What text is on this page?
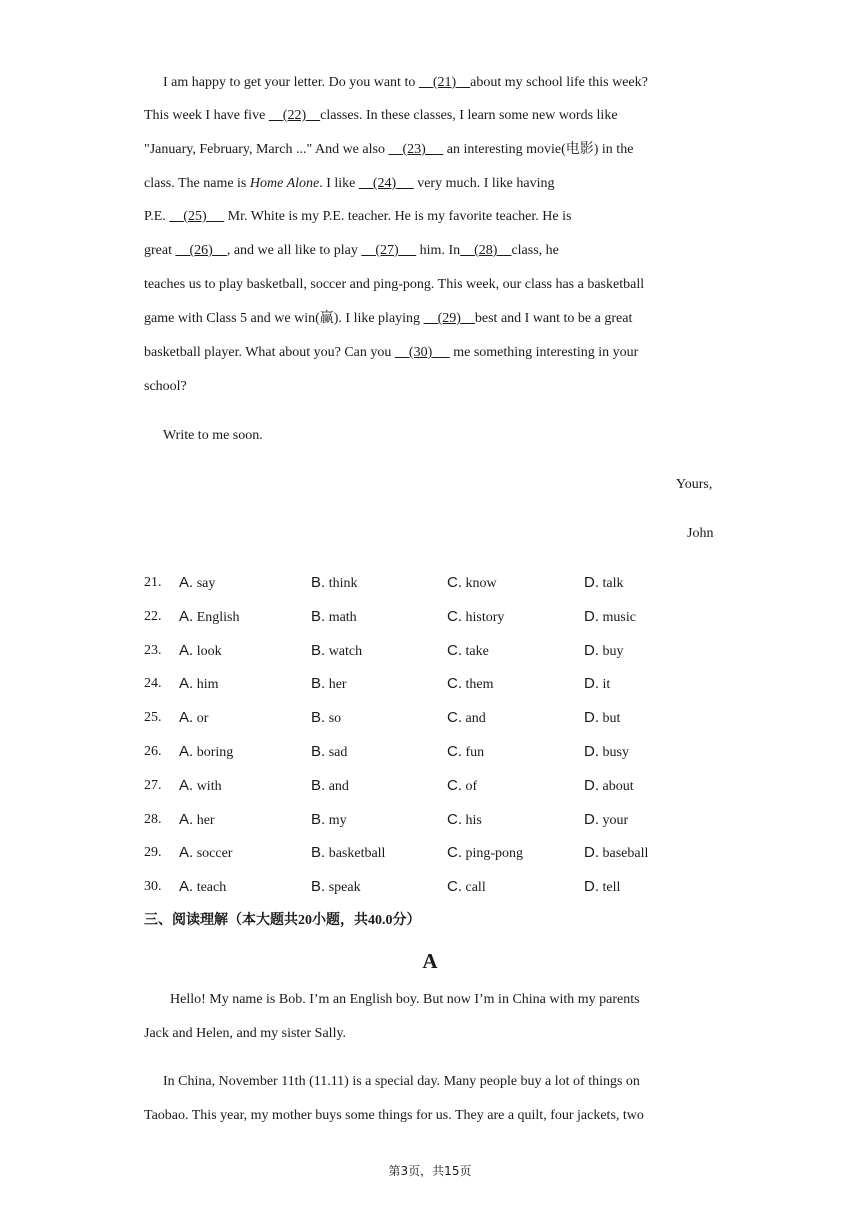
I am happy to get your letter. Do you want to     (21) about my school life this week?
This week I have five     (22) classes. In these classes, I learn some new words like
"January, February, March ..." And we also     (23)      an interesting movie(电影) in the
class. The name is Home Alone. I like     (24)      very much. I like having
P.E.     (25)      Mr. White is my P.E. teacher. He is my favorite teacher. He is
great     (26) , and we all like to play     (27)      him. In (28) class, he
teaches us to play basketball, soccer and ping-pong. This week, our class has a basketball
game with Class 5 and we win(赢). I like playing     (29) best and I want to be a great
basketball player. What about you? Can you     (30)      me something interesting in your
school?
Write to me soon.
Yours,
John
21. A. say	B. think	C. know	D. talk
22. A. English	B. math	C. history	D. music
23. A. look	B. watch	C. take	D. buy
24. A. him	B. her	C. them	D. it
25. A. or	B. so	C. and	D. but
26. A. boring	B. sad	C. fun	D. busy
27. A. with	B. and	C. of	D. about
28. A. her	B. my	C. his	D. your
29. A. soccer	B. basketball	C. ping-pong	D. baseball
30. A. teach	B. speak	C. call	D. tell
三、阅读理解（本大题共20小题，共40.0分）
A
Hello! My name is Bob. I’m an English boy. But now I’m in China with my parents
Jack and Helen, and my sister Sally.
In China, November 11th (11.11) is a special day. Many people buy a lot of things on
Taobao. This year, my mother buys some things for us. They are a quilt, four jackets, two
第3页，共15页
